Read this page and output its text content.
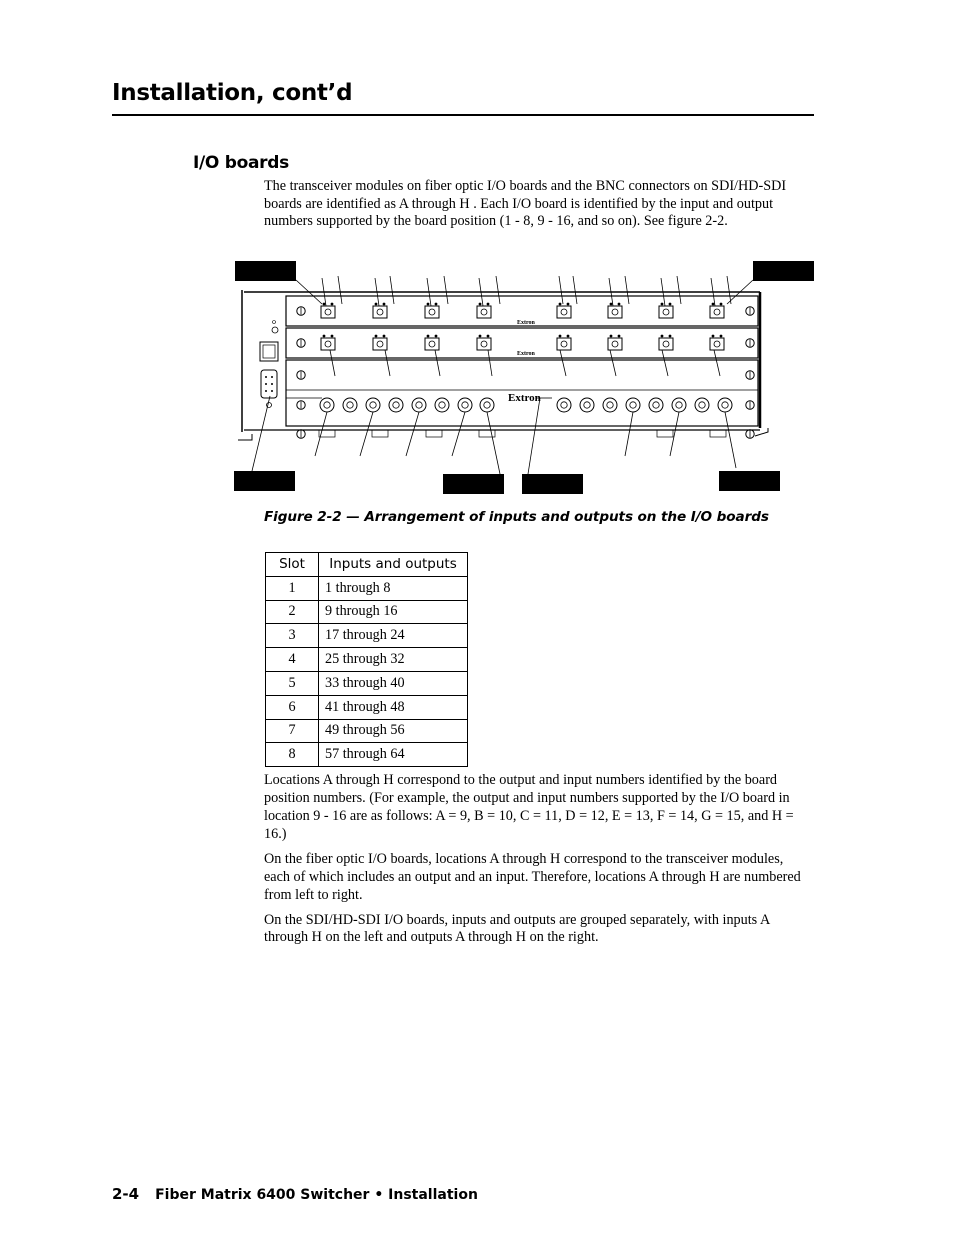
Installation, cont’d
I/O boards
The transceiver modules on fiber optic I/O boards and the BNC connectors on SDI/HD-SDI boards are identified as A through H . Each I/O board is identified by the input and output numbers supported by the board position (1 - 8, 9 - 16, and so on). See figure 2-2.
Extron
Extron
Extron
Figure 2-2 — Arrangement of inputs and outputs on the I/O boards
Slot	Inputs and outputs
1	1 through 8
2	9 through 16
3	17 through 24
4	25 through 32
5	33 through 40
6	41 through 48
7	49 through 56
8	57 through 64
Locations A through H correspond to the output and input numbers identified by the board position numbers. (For example, the output and input numbers supported by the I/O board in location 9 - 16 are as follows: A = 9, B = 10, C = 11, D = 12, E = 13, F = 14, G = 15, and H = 16.)
On the fiber optic I/O boards, locations A through H correspond to the transceiver modules, each of which includes an output and an input. Therefore, locations A through H are numbered from left to right.
On the SDI/HD-SDI I/O boards, inputs and outputs are grouped separately, with inputs A through H on the left and outputs A through H on the right.
2-4 Fiber Matrix 6400 Switcher • Installation
